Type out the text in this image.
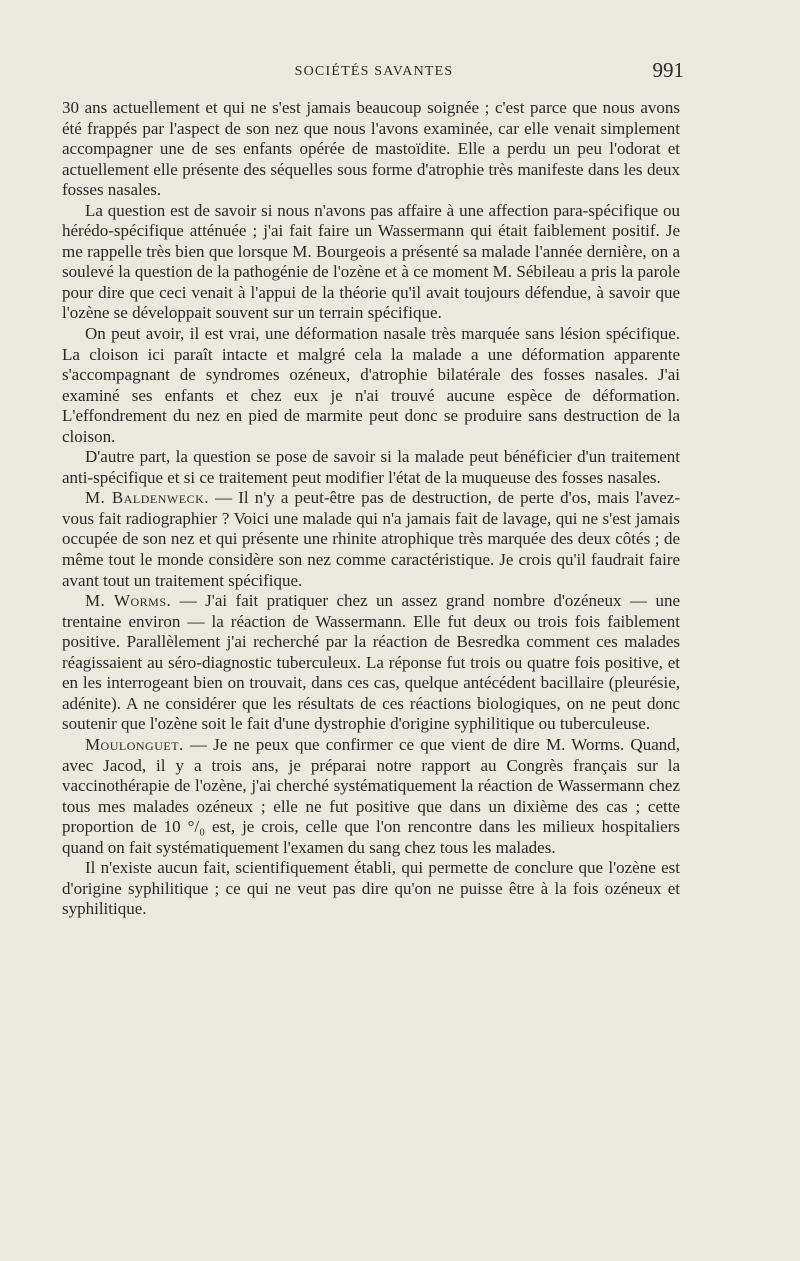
SOCIÉTÉS SAVANTES	991

30 ans actuellement et qui ne s'est jamais beaucoup soignée ; c'est parce que nous avons été frappés par l'aspect de son nez que nous l'avons examinée, car elle venait simplement accompagner une de ses enfants opérée de mastoïdite. Elle a perdu un peu l'odorat et actuellement elle présente des séquelles sous forme d'atrophie très manifeste dans les deux fosses nasales.

La question est de savoir si nous n'avons pas affaire à une affection para-spécifique ou hérédo-spécifique atténuée ; j'ai fait faire un Wassermann qui était faiblement positif. Je me rappelle très bien que lorsque M. Bourgeois a présenté sa malade l'année dernière, on a soulevé la question de la pathogénie de l'ozène et à ce moment M. Sébileau a pris la parole pour dire que ceci venait à l'appui de la théorie qu'il avait toujours défendue, à savoir que l'ozène se développait souvent sur un terrain spécifique.

On peut avoir, il est vrai, une déformation nasale très marquée sans lésion spécifique. La cloison ici paraît intacte et malgré cela la malade a une déformation apparente s'accompagnant de syndromes ozéneux, d'atrophie bilatérale des fosses nasales. J'ai examiné ses enfants et chez eux je n'ai trouvé aucune espèce de déformation. L'effondrement du nez en pied de marmite peut donc se produire sans destruction de la cloison.

D'autre part, la question se pose de savoir si la malade peut bénéficier d'un traitement anti-spécifique et si ce traitement peut modifier l'état de la muqueuse des fosses nasales.

M. Baldenweck. — Il n'y a peut-être pas de destruction, de perte d'os, mais l'avez-vous fait radiographier ? Voici une malade qui n'a jamais fait de lavage, qui ne s'est jamais occupée de son nez et qui présente une rhinite atrophique très marquée des deux côtés ; de même tout le monde considère son nez comme caractéristique. Je crois qu'il faudrait faire avant tout un traitement spécifique.

M. Worms. — J'ai fait pratiquer chez un assez grand nombre d'ozéneux — une trentaine environ — la réaction de Wassermann. Elle fut deux ou trois fois faiblement positive. Parallèlement j'ai recherché par la réaction de Besredka comment ces malades réagissaient au séro-diagnostic tuberculeux. La réponse fut trois ou quatre fois positive, et en les interrogeant bien on trouvait, dans ces cas, quelque antécédent bacillaire (pleurésie, adénite). A ne considérer que les résultats de ces réactions biologiques, on ne peut donc soutenir que l'ozène soit le fait d'une dystrophie d'origine syphilitique ou tuberculeuse.

Moulonguet. — Je ne peux que confirmer ce que vient de dire M. Worms. Quand, avec Jacod, il y a trois ans, je préparai notre rapport au Congrès français sur la vaccinothérapie de l'ozène, j'ai cherché systématiquement la réaction de Wassermann chez tous mes malades ozéneux ; elle ne fut positive que dans un dixième des cas ; cette proportion de 10 °/₀ est, je crois, celle que l'on rencontre dans les milieux hospitaliers quand on fait systématiquement l'examen du sang chez tous les malades.

Il n'existe aucun fait, scientifiquement établi, qui permette de conclure que l'ozène est d'origine syphilitique ; ce qui ne veut pas dire qu'on ne puisse être à la fois ozéneux et syphilitique.
